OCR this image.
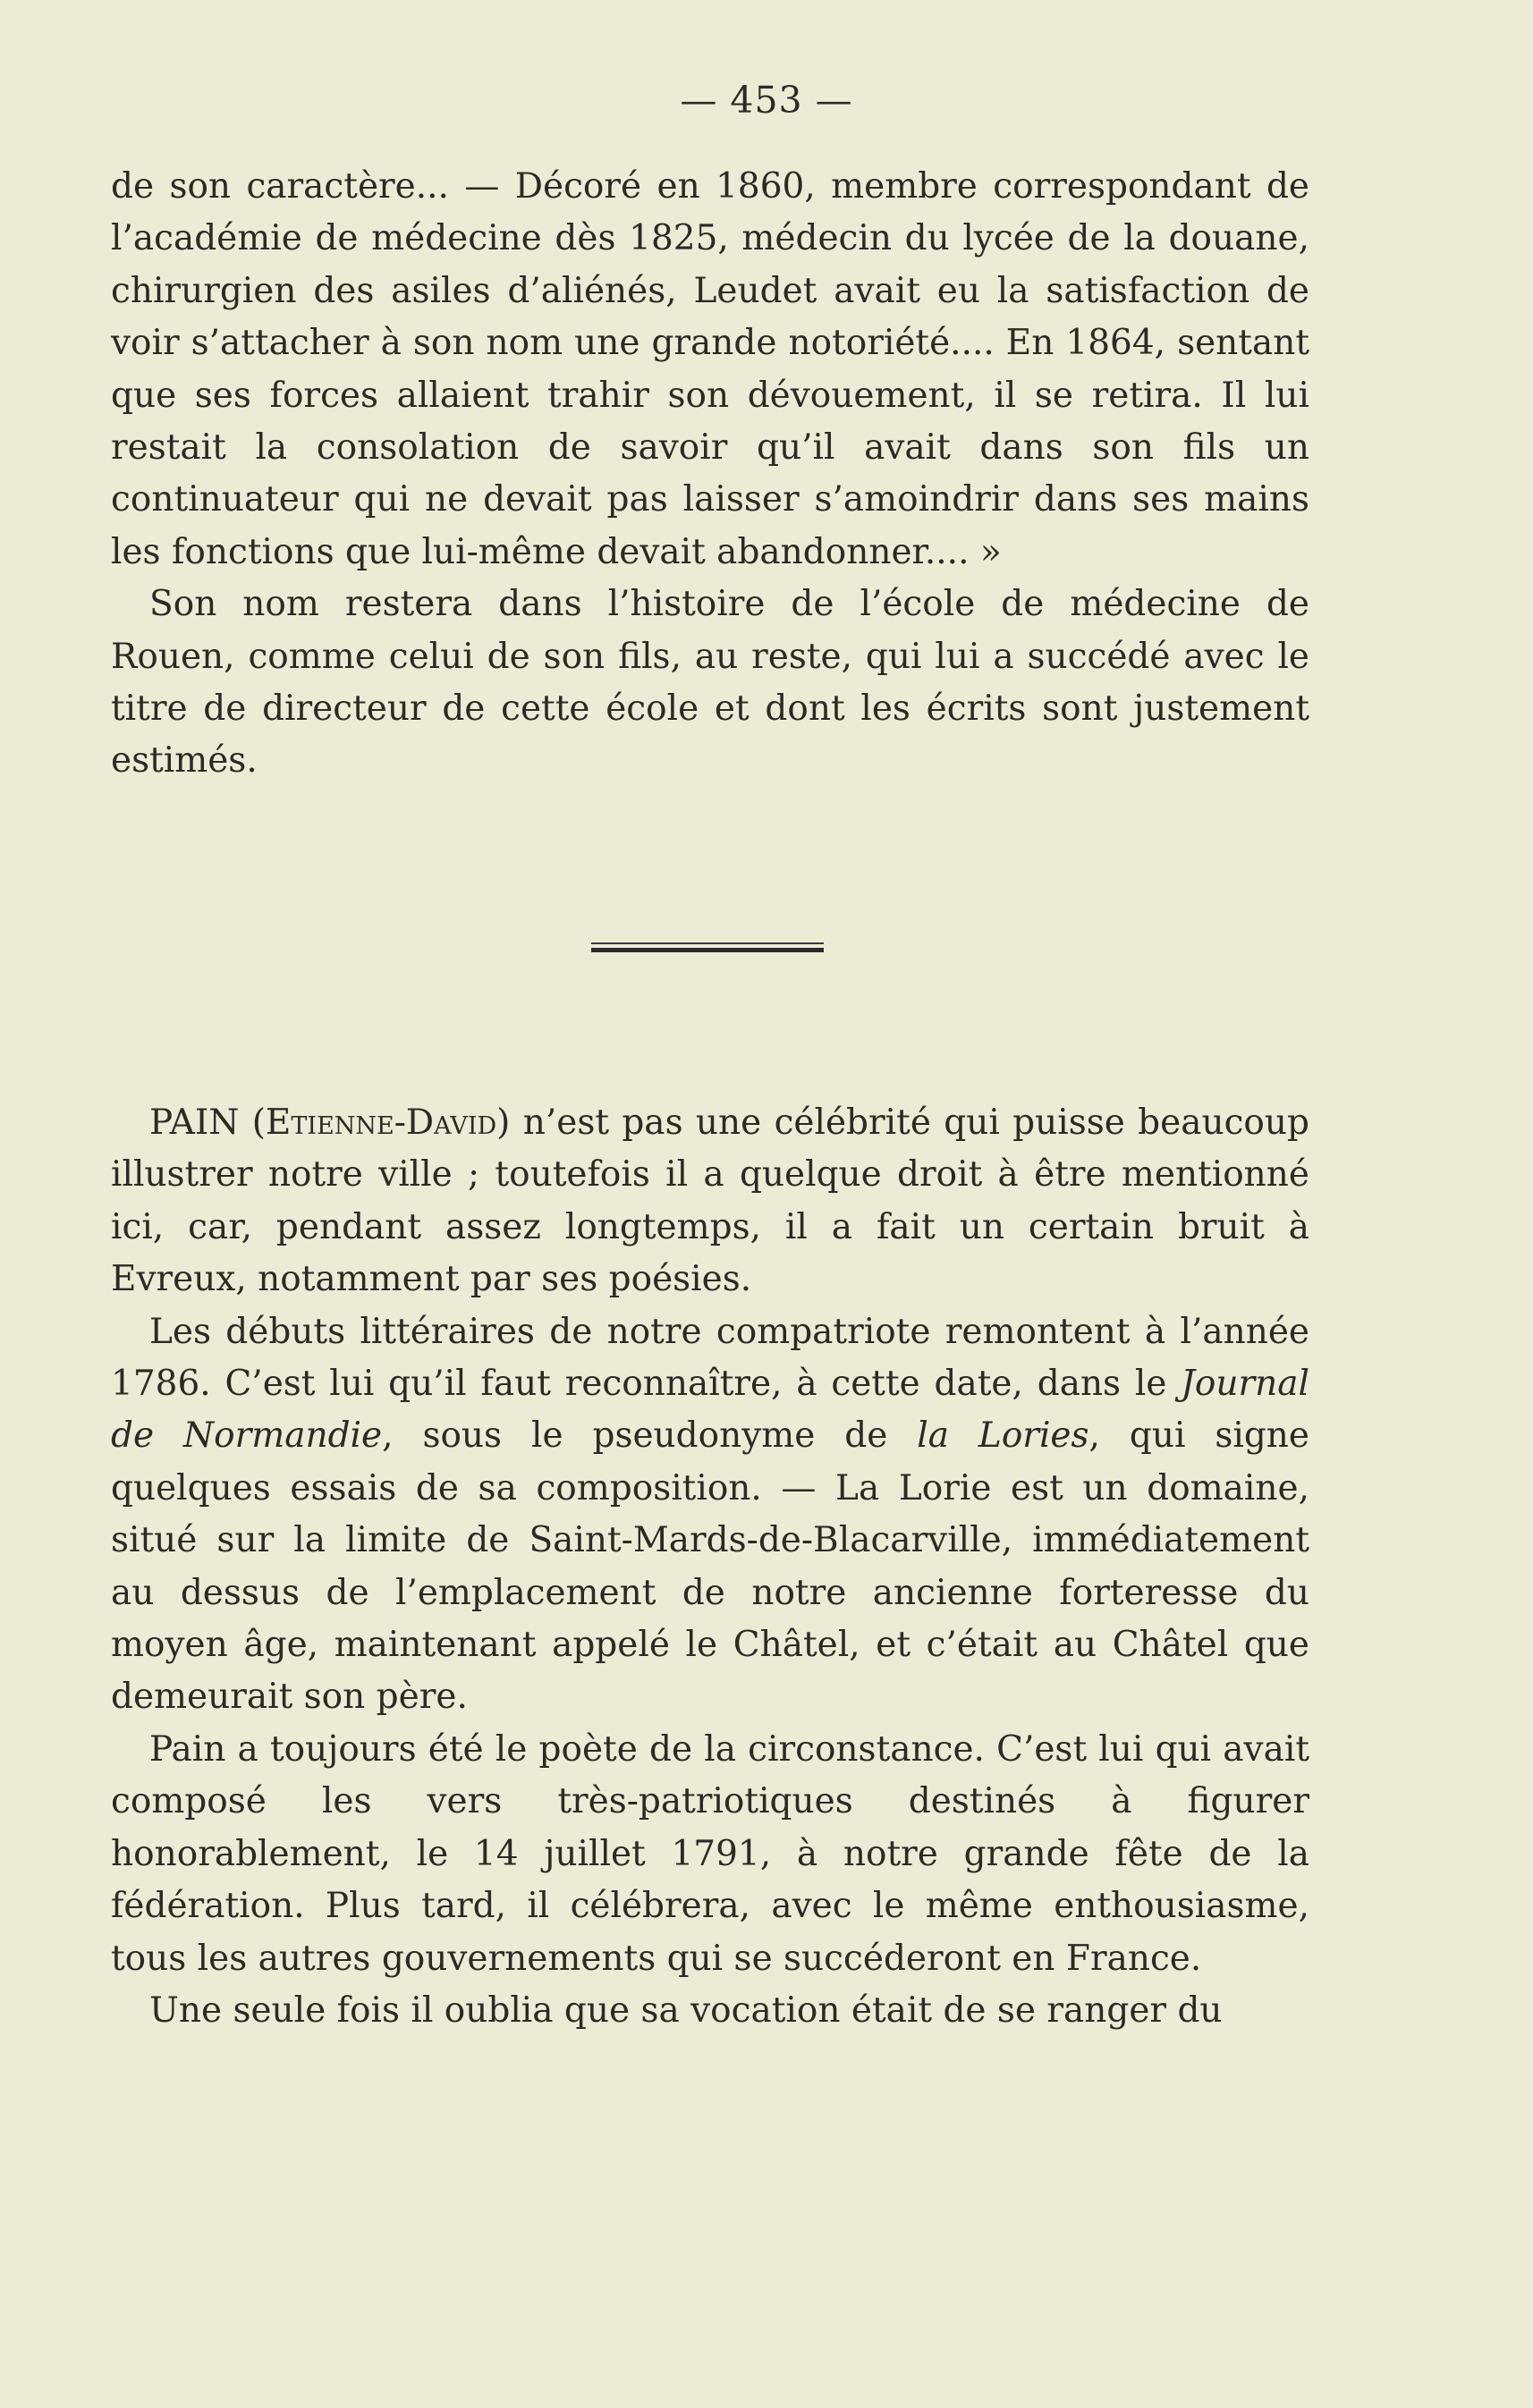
— 453 —

de son caractère... — Décoré en 1860, membre correspondant de l’académie de médecine dès 1825, médecin du lycée de la douane, chirurgien des asiles d’aliénés, Leudet avait eu la satisfaction de voir s’attacher à son nom une grande notoriété.... En 1864, sentant que ses forces allaient trahir son dévouement, il se retira. Il lui restait la consolation de savoir qu’il avait dans son fils un continuateur qui ne devait pas laisser s’amoindrir dans ses mains les fonctions que lui-même devait abandonner.... »

Son nom restera dans l’histoire de l’école de médecine de Rouen, comme celui de son fils, au reste, qui lui a succédé avec le titre de directeur de cette école et dont les écrits sont justement estimés.

PAIN (Etienne-David) n’est pas une célébrité qui puisse beaucoup illustrer notre ville ; toutefois il a quelque droit à être mentionné ici, car, pendant assez longtemps, il a fait un certain bruit à Evreux, notamment par ses poésies.

Les débuts littéraires de notre compatriote remontent à l’année 1786. C’est lui qu’il faut reconnaître, à cette date, dans le Journal de Normandie, sous le pseudonyme de la Lories, qui signe quelques essais de sa composition. — La Lorie est un domaine, situé sur la limite de Saint-Mards-de-Blacarville, immédiatement au dessus de l’emplacement de notre ancienne forteresse du moyen âge, maintenant appelé le Châtel, et c’était au Châtel que demeurait son père.

Pain a toujours été le poète de la circonstance. C’est lui qui avait composé les vers très-patriotiques destinés à figurer honorablement, le 14 juillet 1791, à notre grande fête de la fédération. Plus tard, il célébrera, avec le même enthousiasme, tous les autres gouvernements qui se succéderont en France.

Une seule fois il oublia que sa vocation était de se ranger du
